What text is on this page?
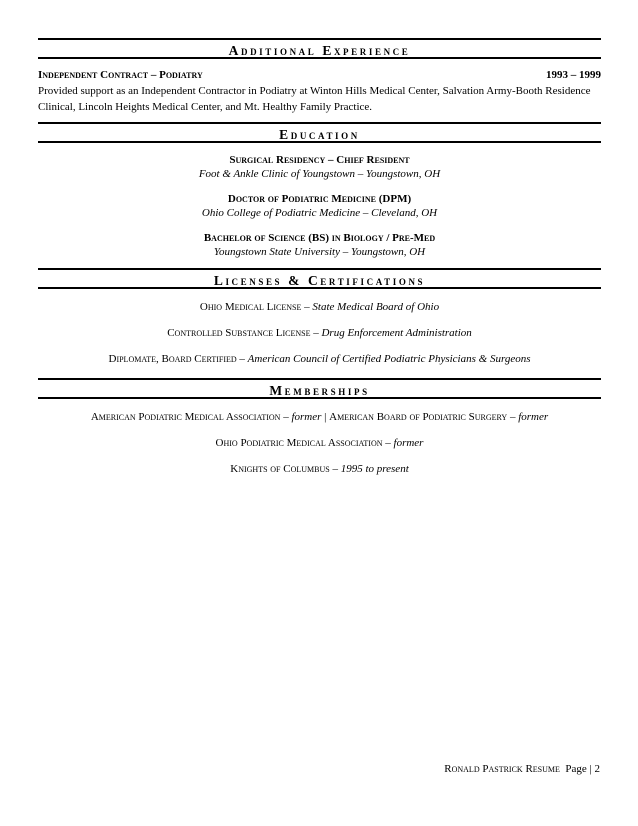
Additional Experience
Independent Contract – Podiatry	1993 – 1999
Provided support as an Independent Contractor in Podiatry at Winton Hills Medical Center, Salvation Army-Booth Residence Clinical, Lincoln Heights Medical Center, and Mt. Healthy Family Practice.
Education
Surgical Residency – Chief Resident
Foot & Ankle Clinic of Youngstown – Youngstown, OH
Doctor of Podiatric Medicine (DPM)
Ohio College of Podiatric Medicine – Cleveland, OH
Bachelor of Science (BS) in Biology / Pre-Med
Youngstown State University – Youngstown, OH
Licenses & Certifications
Ohio Medical License – State Medical Board of Ohio
Controlled Substance License – Drug Enforcement Administration
Diplomate, Board Certified – American Council of Certified Podiatric Physicians & Surgeons
Memberships
American Podiatric Medical Association – former | American Board of Podiatric Surgery – former
Ohio Podiatric Medical Association – former
Knights of Columbus – 1995 to present
Ronald Pastrick Resume Page | 2
